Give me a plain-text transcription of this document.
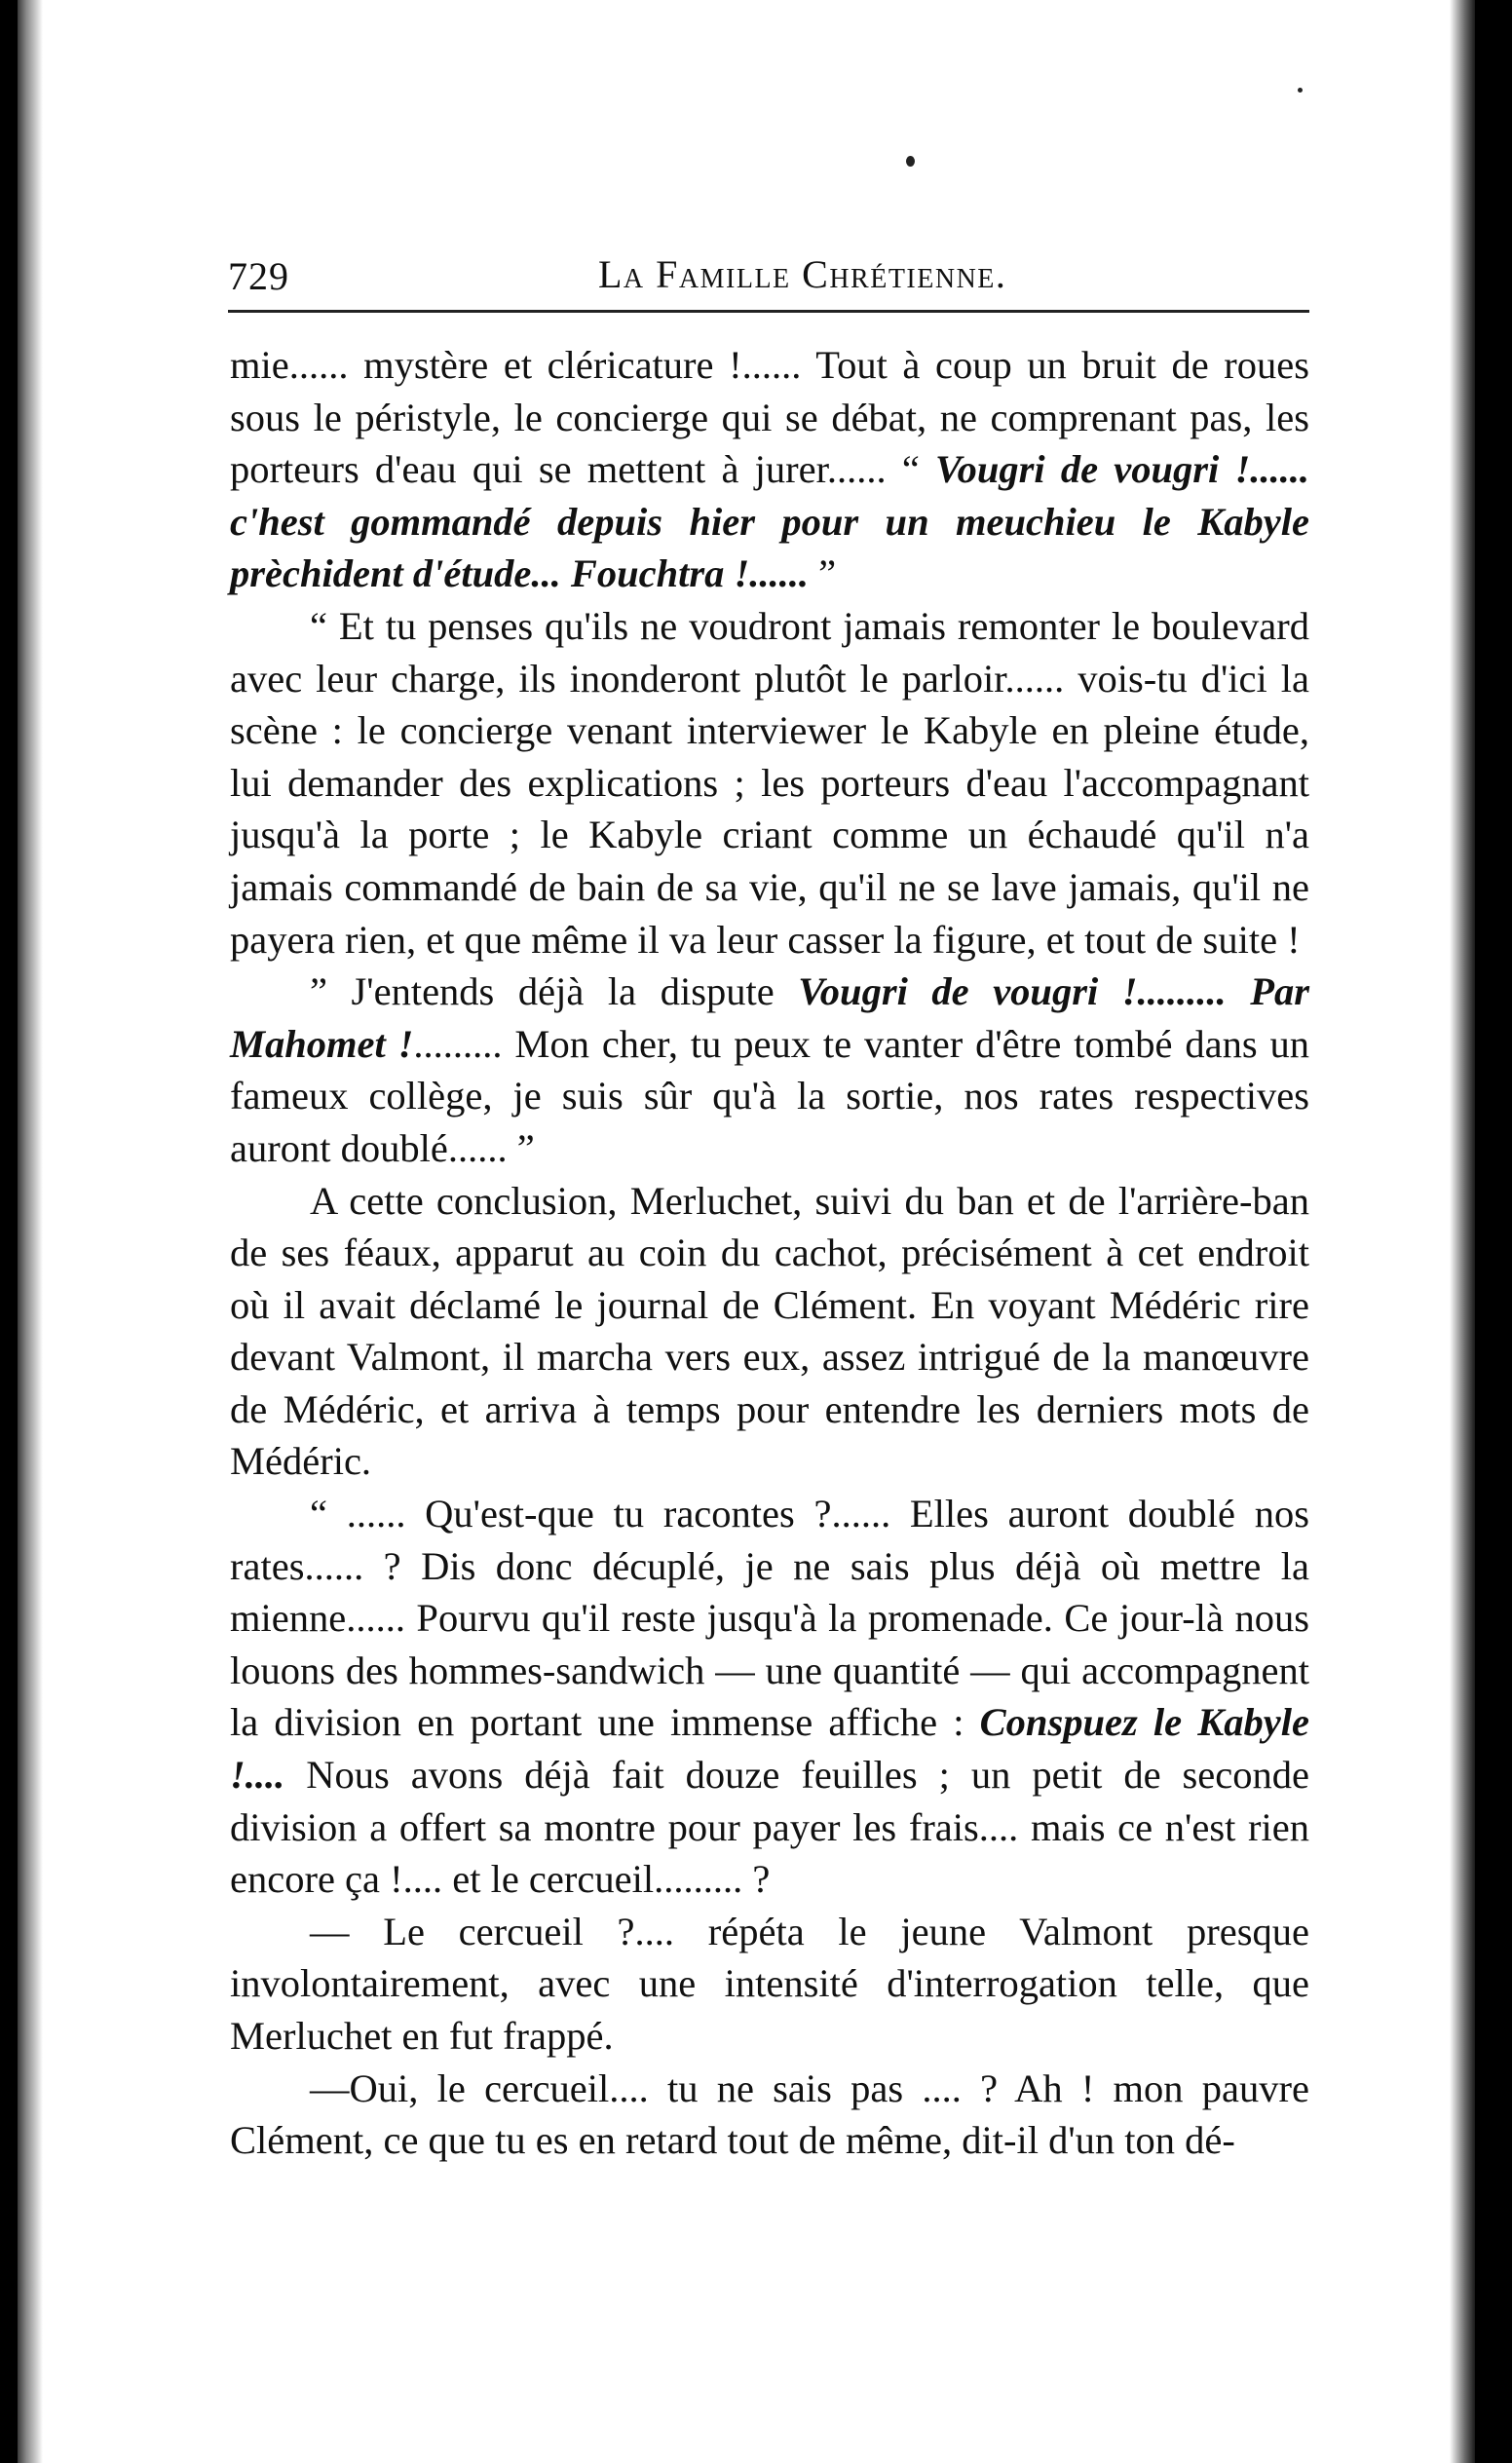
729	La Famille Chrétienne.

mie...... mystère et cléricature !...... Tout à coup un bruit de roues sous le péristyle, le concierge qui se débat, ne comprenant pas, les porteurs d'eau qui se mettent à jurer...... “ Vougri de vougri !...... c'hest gommandé depuis hier pour un meuchieu le Kabyle prèchident d'étude... Fouchtra !...... ”

“ Et tu penses qu'ils ne voudront jamais remonter le boulevard avec leur charge, ils inonderont plutôt le parloir...... vois-tu d'ici la scène : le concierge venant interviewer le Kabyle en pleine étude, lui demander des explications ; les porteurs d'eau l'accompagnant jusqu'à la porte ; le Kabyle criant comme un échaudé qu'il n'a jamais commandé de bain de sa vie, qu'il ne se lave jamais, qu'il ne payera rien, et que même il va leur casser la figure, et tout de suite !

” J'entends déjà la dispute Vougri de vougri !......... Par Mahomet !......... Mon cher, tu peux te vanter d'être tombé dans un fameux collège, je suis sûr qu'à la sortie, nos rates respectives auront doublé...... ”

A cette conclusion, Merluchet, suivi du ban et de l'arrière-ban de ses féaux, apparut au coin du cachot, précisément à cet endroit où il avait déclamé le journal de Clément. En voyant Médéric rire devant Valmont, il marcha vers eux, assez intrigué de la manœuvre de Médéric, et arriva à temps pour entendre les derniers mots de Médéric.

“ ...... Qu'est-que tu racontes ?...... Elles auront doublé nos rates...... ? Dis donc décuplé, je ne sais plus déjà où mettre la mienne...... Pourvu qu'il reste jusqu'à la promenade. Ce jour-là nous louons des hommes-sandwich — une quantité — qui accompagnent la division en portant une immense affiche : Conspuez le Kabyle !.... Nous avons déjà fait douze feuilles ; un petit de seconde division a offert sa montre pour payer les frais.... mais ce n'est rien encore ça !.... et le cercueil......... ?

— Le cercueil ?.... répéta le jeune Valmont presque involontairement, avec une intensité d'interrogation telle, que Merluchet en fut frappé.

—Oui, le cercueil.... tu ne sais pas .... ? Ah ! mon pauvre Clément, ce que tu es en retard tout de même, dit-il d'un ton dé-
